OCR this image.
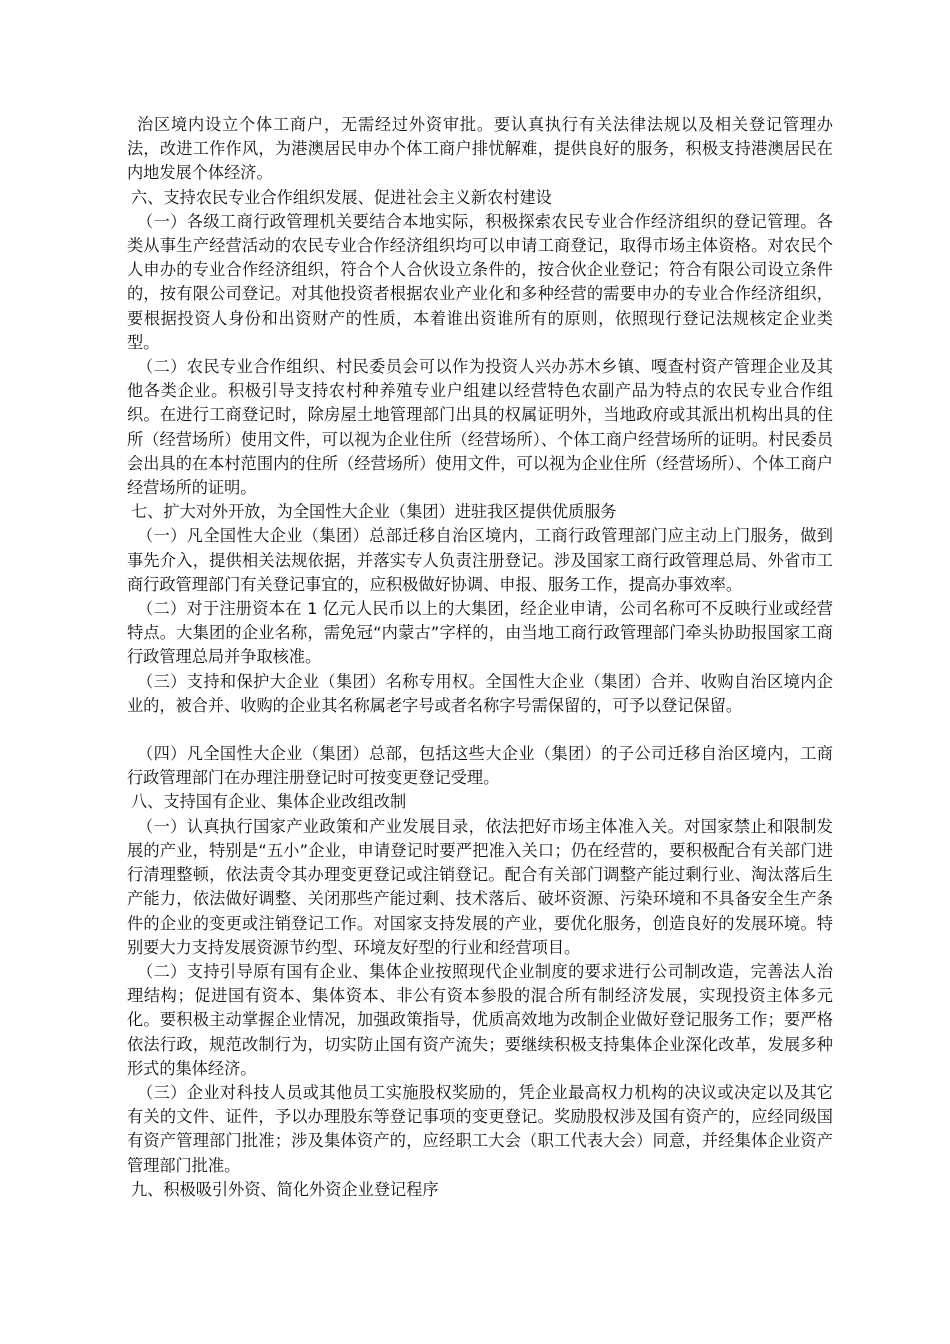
治区境内设立个体工商户，无需经过外资审批。要认真执行有关法律法规以及相关登记管理办法，改进工作作风，为港澳居民申办个体工商户排忧解难，提供良好的服务，积极支持港澳居民在内地发展个体经济。

六、支持农民专业合作组织发展、促进社会主义新农村建设

（一）各级工商行政管理机关要结合本地实际，积极探索农民专业合作经济组织的登记管理。各类从事生产经营活动的农民专业合作经济组织均可以申请工商登记，取得市场主体资格。对农民个人申办的专业合作经济组织，符合个人合伙设立条件的，按合伙企业登记；符合有限公司设立条件的，按有限公司登记。对其他投资者根据农业产业化和多种经营的需要申办的专业合作经济组织，要根据投资人身份和出资财产的性质，本着谁出资谁所有的原则，依照现行登记法规核定企业类型。

（二）农民专业合作组织、村民委员会可以作为投资人兴办苏木乡镇、嘎查村资产管理企业及其他各类企业。积极引导支持农村种养殖专业户组建以经营特色农副产品为特点的农民专业合作组织。在进行工商登记时，除房屋土地管理部门出具的权属证明外，当地政府或其派出机构出具的住所（经营场所）使用文件，可以视为企业住所（经营场所）、个体工商户经营场所的证明。村民委员会出具的在本村范围内的住所（经营场所）使用文件，可以视为企业住所（经营场所）、个体工商户经营场所的证明。

七、扩大对外开放，为全国性大企业（集团）进驻我区提供优质服务

（一）凡全国性大企业（集团）总部迁移自治区境内，工商行政管理部门应主动上门服务，做到事先介入，提供相关法规依据，并落实专人负责注册登记。涉及国家工商行政管理总局、外省市工商行政管理部门有关登记事宜的，应积极做好协调、申报、服务工作，提高办事效率。

（二）对于注册资本在 1 亿元人民币以上的大集团，经企业申请，公司名称可不反映行业或经营特点。大集团的企业名称，需免冠“内蒙古”字样的，由当地工商行政管理部门牵头协助报国家工商行政管理总局并争取核准。

（三）支持和保护大企业（集团）名称专用权。全国性大企业（集团）合并、收购自治区境内企业的，被合并、收购的企业其名称属老字号或者名称字号需保留的，可予以登记保留。

（四）凡全国性大企业（集团）总部，包括这些大企业（集团）的子公司迁移自治区境内，工商行政管理部门在办理注册登记时可按变更登记受理。

八、支持国有企业、集体企业改组改制

（一）认真执行国家产业政策和产业发展目录，依法把好市场主体准入关。对国家禁止和限制发展的产业，特别是“五小”企业，申请登记时要严把准入关口；仍在经营的，要积极配合有关部门进行清理整顿，依法责令其办理变更登记或注销登记。配合有关部门调整产能过剩行业、淘汰落后生产能力，依法做好调整、关闭那些产能过剩、技术落后、破坏资源、污染环境和不具备安全生产条件的企业的变更或注销登记工作。对国家支持发展的产业，要优化服务，创造良好的发展环境。特别要大力支持发展资源节约型、环境友好型的行业和经营项目。

（二）支持引导原有国有企业、集体企业按照现代企业制度的要求进行公司制改造，完善法人治理结构；促进国有资本、集体资本、非公有资本参股的混合所有制经济发展，实现投资主体多元化。要积极主动掌握企业情况，加强政策指导，优质高效地为改制企业做好登记服务工作；要严格依法行政，规范改制行为，切实防止国有资产流失；要继续积极支持集体企业深化改革，发展多种形式的集体经济。

（三）企业对科技人员或其他员工实施股权奖励的，凭企业最高权力机构的决议或决定以及其它有关的文件、证件，予以办理股东等登记事项的变更登记。奖励股权涉及国有资产的，应经同级国有资产管理部门批准；涉及集体资产的，应经职工大会（职工代表大会）同意，并经集体企业资产管理部门批准。

九、积极吸引外资、简化外资企业登记程序
